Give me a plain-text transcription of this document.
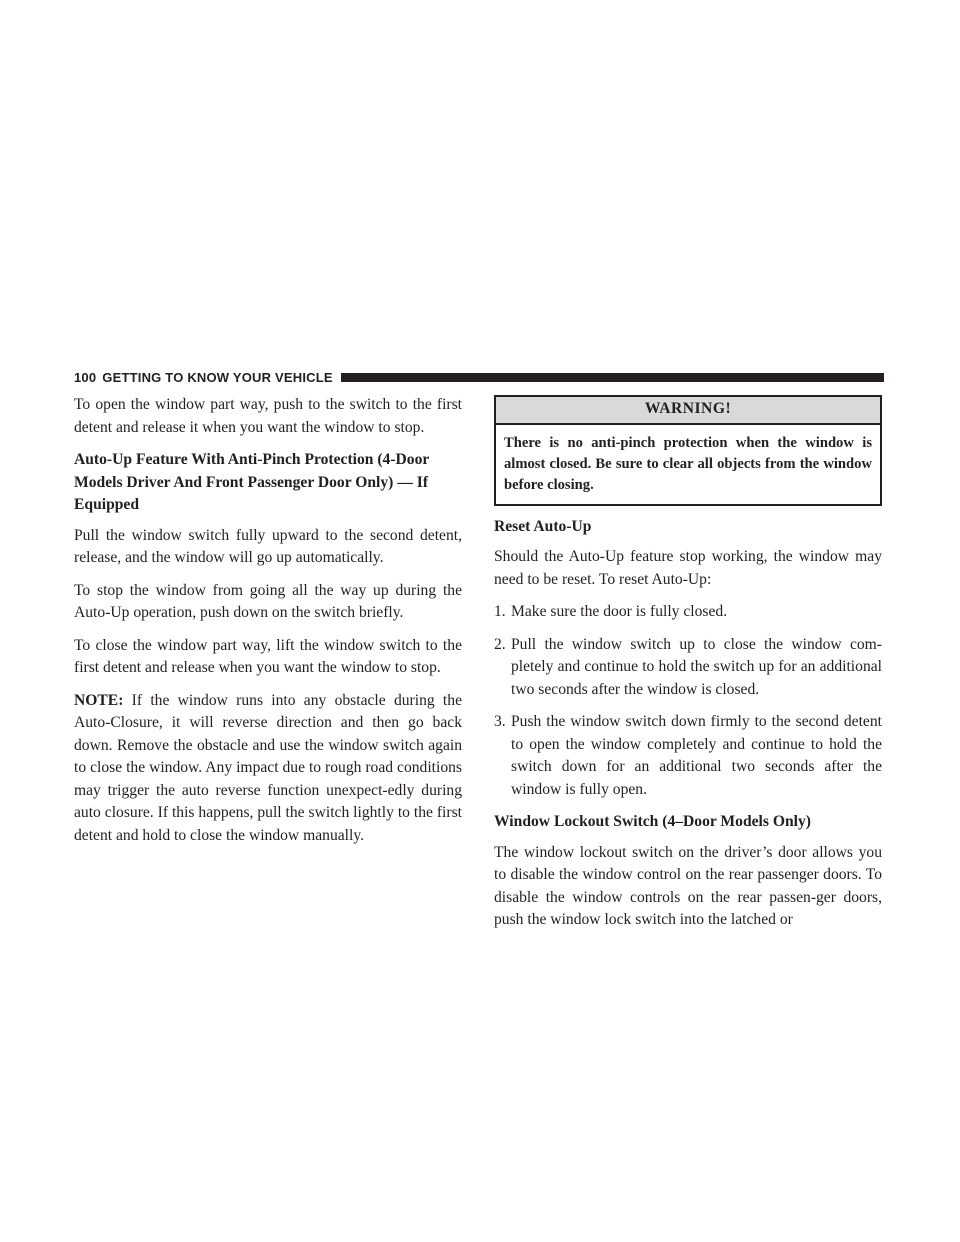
100 GETTING TO KNOW YOUR VEHICLE

To open the window part way, push to the switch to the first detent and release it when you want the window to stop.

Auto-Up Feature With Anti-Pinch Protection (4-Door Models Driver And Front Passenger Door Only) — If Equipped

Pull the window switch fully upward to the second detent, release, and the window will go up automatically.

To stop the window from going all the way up during the Auto-Up operation, push down on the switch briefly.

To close the window part way, lift the window switch to the first detent and release when you want the window to stop.

NOTE: If the window runs into any obstacle during the Auto-Closure, it will reverse direction and then go back down. Remove the obstacle and use the window switch again to close the window. Any impact due to rough road conditions may trigger the auto reverse function unexpect-edly during auto closure. If this happens, pull the switch lightly to the first detent and hold to close the window manually.

WARNING!
There is no anti-pinch protection when the window is almost closed. Be sure to clear all objects from the window before closing.

Reset Auto-Up

Should the Auto-Up feature stop working, the window may need to be reset. To reset Auto-Up:

1. Make sure the door is fully closed.
2. Pull the window switch up to close the window com-pletely and continue to hold the switch up for an additional two seconds after the window is closed.
3. Push the window switch down firmly to the second detent to open the window completely and continue to hold the switch down for an additional two seconds after the window is fully open.

Window Lockout Switch (4–Door Models Only)

The window lockout switch on the driver’s door allows you to disable the window control on the rear passenger doors. To disable the window controls on the rear passen-ger doors, push the window lock switch into the latched or
